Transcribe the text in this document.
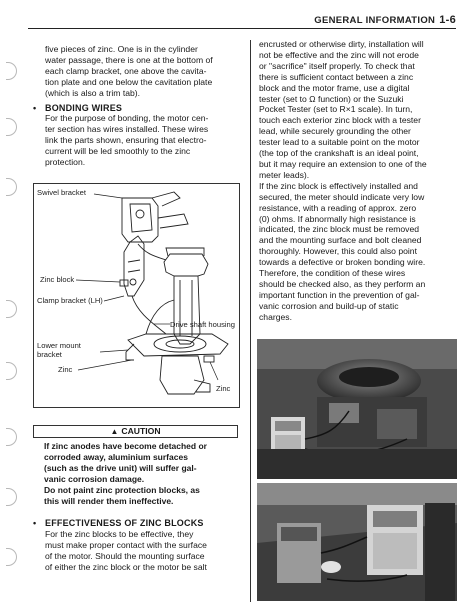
GENERAL INFORMATION 1-6

five pieces of zinc. One is in the cylinder

water passage, there is one at the bottom of

each clamp bracket, one above the cavita-

tion plate and one below the cavitation plate

(which is also a trim tab).

• BONDING WIRES

For the purpose of bonding, the motor cen-

ter section has wires installed. These wires

link the parts shown, ensuring that electro-

current will be led smoothly to the zinc

protection.

Swivel bracket
Zinc block
Clamp bracket (LH)
Drive shaft housing
Lower mount
bracket
Zinc
Zinc
▲ CAUTION

If zinc anodes have become detached or

corroded away, aluminium surfaces

(such as the drive unit) will suffer gal-

vanic corrosion damage.

Do not paint zinc protection blocks, as

this will render them ineffective.

• EFFECTIVENESS OF ZINC BLOCKS

For the zinc blocks to be effective, they

must make proper contact with the surface

of the motor. Should the mounting surface

of either the zinc block or the motor be salt

encrusted or otherwise dirty, installation will

not be effective and the zinc will not erode

or "sacrifice" itself properly. To check that

there is sufficient contact between a zinc

block and the motor frame, use a digital

tester (set to Ω function) or the Suzuki

Pocket Tester (set to R×1 scale). In turn,

touch each exterior zinc block with a tester

lead, while securely grounding the other

tester lead to a suitable point on the motor

(the top of the crankshaft is an ideal point,

but it may require an extension to one of the

meter leads).

If the zinc block is effectively installed and

secured, the meter should indicate very low

resistance, with a reading of approx. zero

(0) ohms. If abnormally high resistance is

indicated, the zinc block must be removed

and the mounting surface and bolt cleaned

thoroughly. However, this could also point

towards a defective or broken bonding wire.

Therefore, the condition of these wires

should be checked also, as they perform an

important function in the prevention of gal-

vanic corrosion and build-up of static

charges.
